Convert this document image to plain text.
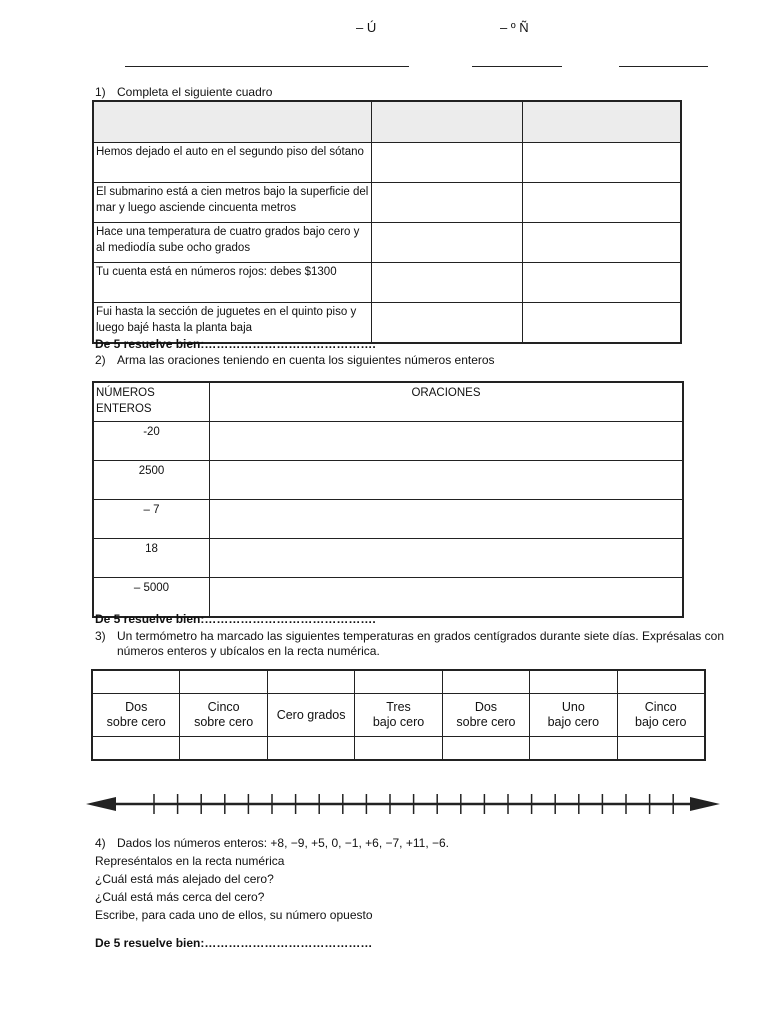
– Ú	– º Ñ
1) Completa el siguiente cuadro

Hemos dejado el auto en el segundo piso del sótano		
El submarino está a cien metros bajo la superficie del mar y luego asciende cincuenta metros		
Hace una temperatura de cuatro grados bajo cero y al mediodía sube ocho grados		
Tu cuenta está en números rojos: debes $1300		
Fui hasta la sección de juguetes en el quinto piso y luego bajé hasta la planta baja		
De 5 resuelve bien:…………………………………….
2) Arma las oraciones teniendo en cuenta los siguientes números enteros
NÚMEROS ENTEROS	ORACIONES
-20	
2500	
– 7	
18	
– 5000	
De 5 resuelve bien:…………………………………….
3) Un termómetro ha marcado las siguientes temperaturas en grados centígrados durante siete días. Exprésalas con
números enteros y ubícalos en la recta numérica.

Dos
sobre cero	Cinco
sobre cero	Cero grados	Tres
bajo cero	Dos
sobre cero	Uno
bajo cero	Cinco
bajo cero

4) Dados los números enteros: +8, −9, +5, 0, −1, +6, −7, +11, −6.
Represéntalos en la recta numérica
¿Cuál está más alejado del cero?
¿Cuál está más cerca del cero?
Escribe, para cada uno de ellos, su número opuesto
De 5 resuelve bien:……………………………………
